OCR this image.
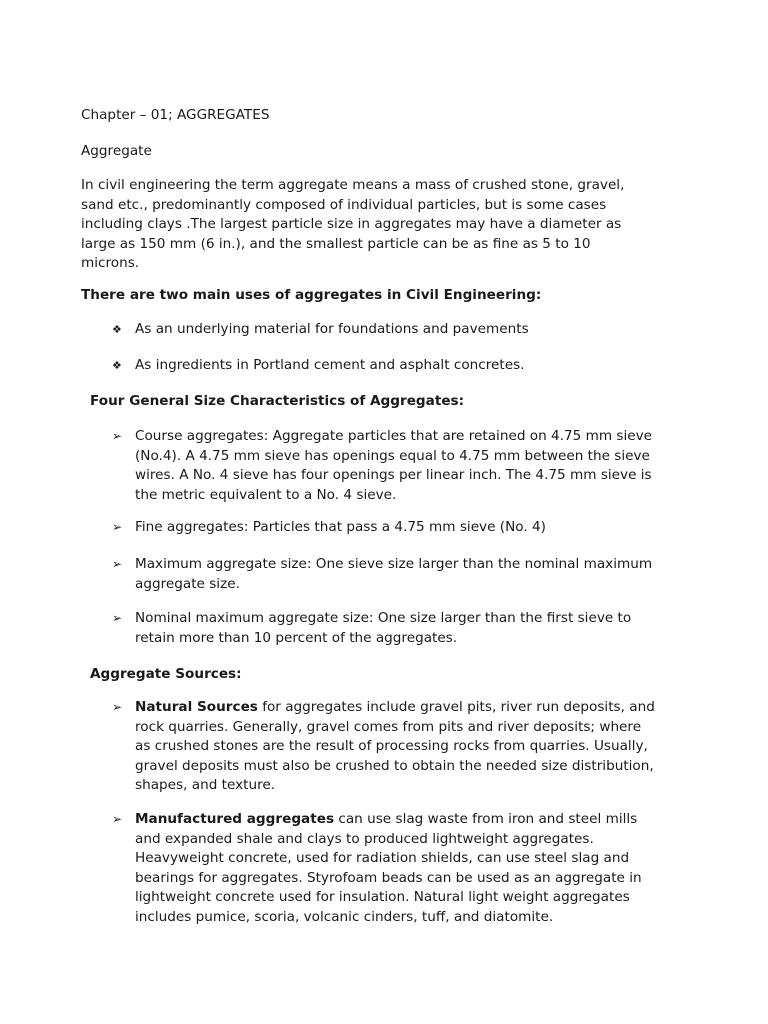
Chapter – 01; AGGREGATES

Aggregate

In civil engineering the term aggregate means a mass of crushed stone, gravel, sand etc., predominantly composed of individual particles, but is some cases including clays .The largest particle size in aggregates may have a diameter as large as 150 mm (6 in.), and the smallest particle can be as fine as 5 to 10 microns.

There are two main uses of aggregates in Civil Engineering:

❖ As an underlying material for foundations and pavements
❖ As ingredients in Portland cement and asphalt concretes.

Four General Size Characteristics of Aggregates:

➢ Course aggregates: Aggregate particles that are retained on 4.75 mm sieve (No.4). A 4.75 mm sieve has openings equal to 4.75 mm between the sieve wires. A No. 4 sieve has four openings per linear inch. The 4.75 mm sieve is the metric equivalent to a No. 4 sieve.
➢ Fine aggregates: Particles that pass a 4.75 mm sieve (No. 4)
➢ Maximum aggregate size: One sieve size larger than the nominal maximum aggregate size.
➢ Nominal maximum aggregate size: One size larger than the first sieve to retain more than 10 percent of the aggregates.

Aggregate Sources:

➢ Natural Sources for aggregates include gravel pits, river run deposits, and rock quarries. Generally, gravel comes from pits and river deposits; where as crushed stones are the result of processing rocks from quarries. Usually, gravel deposits must also be crushed to obtain the needed size distribution, shapes, and texture.
➢ Manufactured aggregates can use slag waste from iron and steel mills and expanded shale and clays to produced lightweight aggregates. Heavyweight concrete, used for radiation shields, can use steel slag and bearings for aggregates. Styrofoam beads can be used as an aggregate in lightweight concrete used for insulation. Natural light weight aggregates includes pumice, scoria, volcanic cinders, tuff, and diatomite.
